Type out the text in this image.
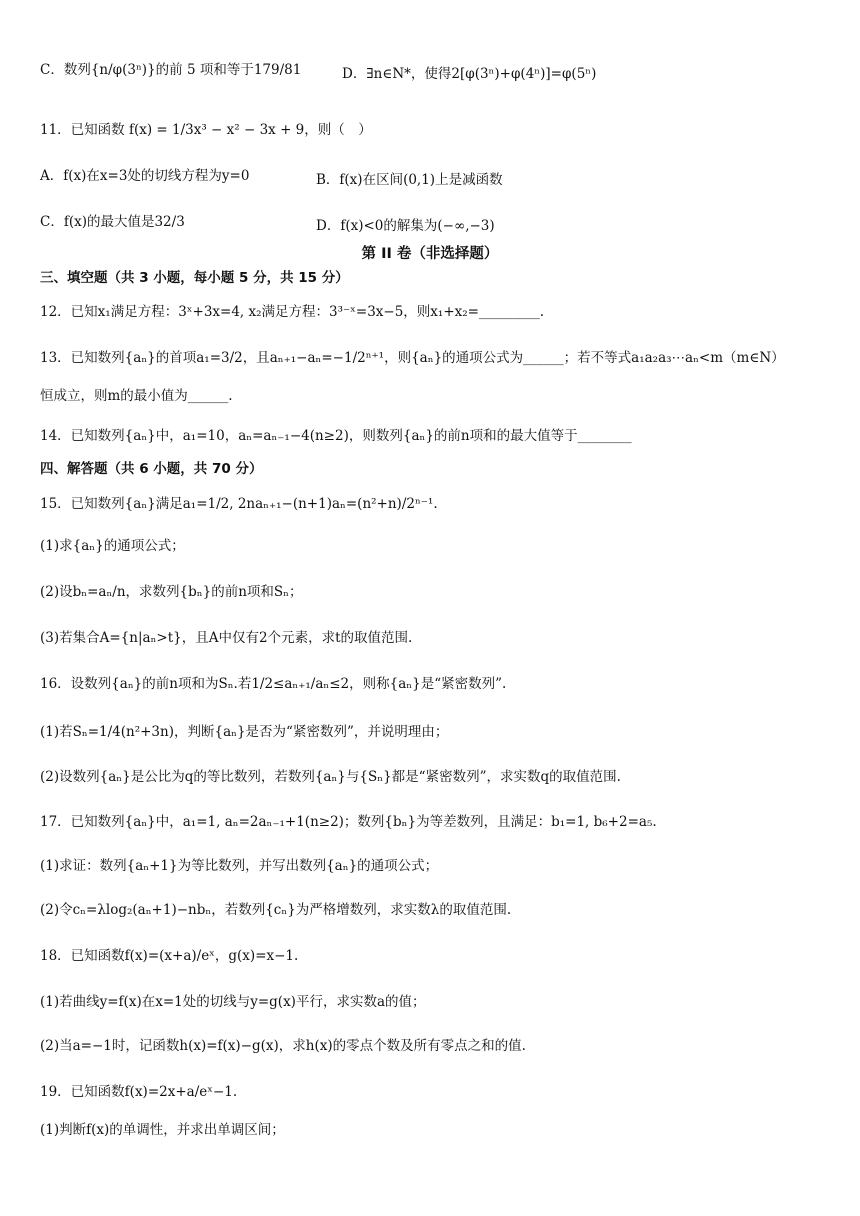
C．数列{n/φ(3ⁿ)}的前 5 项和等于179/81	D．∃n∈N*，使得2[φ(3ⁿ)+φ(4ⁿ)]=φ(5ⁿ)
11．已知函数 f(x) = 1/3x³ − x² − 3x + 9，则（　）
A．f(x)在x=3处的切线方程为y=0	B．f(x)在区间(0,1)上是减函数
C．f(x)的最大值是32/3	D．f(x)<0的解集为(−∞,−3)
第 II 卷（非选择题）
三、填空题（共 3 小题，每小题 5 分，共 15 分）
12．已知x₁满足方程：3ˣ+3x=4, x₂满足方程：3³⁻ˣ=3x−5，则x₁+x₂=_________.
13．已知数列{aₙ}的首项a₁=3/2，且aₙ₊₁−aₙ=−1/2ⁿ⁺¹，则{aₙ}的通项公式为______；若不等式a₁a₂a₃⋯aₙ<m（m∈N）
恒成立，则m的最小值为______.
14．已知数列{aₙ}中，a₁=10，aₙ=aₙ₋₁−4(n≥2)，则数列{aₙ}的前n项和的最大值等于________
四、解答题（共 6 小题，共 70 分）
15．已知数列{aₙ}满足a₁=1/2, 2naₙ₊₁−(n+1)aₙ=(n²+n)/2ⁿ⁻¹.
(1)求{aₙ}的通项公式；
(2)设bₙ=aₙ/n，求数列{bₙ}的前n项和Sₙ；
(3)若集合A={n|aₙ>t}，且A中仅有2个元素，求t的取值范围.
16．设数列{aₙ}的前n项和为Sₙ.若1/2≤aₙ₊₁/aₙ≤2，则称{aₙ}是“紧密数列”.
(1)若Sₙ=1/4(n²+3n)，判断{aₙ}是否为“紧密数列”，并说明理由；
(2)设数列{aₙ}是公比为q的等比数列，若数列{aₙ}与{Sₙ}都是“紧密数列”，求实数q的取值范围.
17．已知数列{aₙ}中，a₁=1, aₙ=2aₙ₋₁+1(n≥2)；数列{bₙ}为等差数列，且满足：b₁=1, b₆+2=a₅.
(1)求证：数列{aₙ+1}为等比数列，并写出数列{aₙ}的通项公式；
(2)令cₙ=λlog₂(aₙ+1)−nbₙ，若数列{cₙ}为严格增数列，求实数λ的取值范围.
18．已知函数f(x)=(x+a)/eˣ，g(x)=x−1.
(1)若曲线y=f(x)在x=1处的切线与y=g(x)平行，求实数a的值；
(2)当a=−1时，记函数h(x)=f(x)−g(x)，求h(x)的零点个数及所有零点之和的值.
19．已知函数f(x)=2x+a/eˣ−1.
(1)判断f(x)的单调性，并求出单调区间；
